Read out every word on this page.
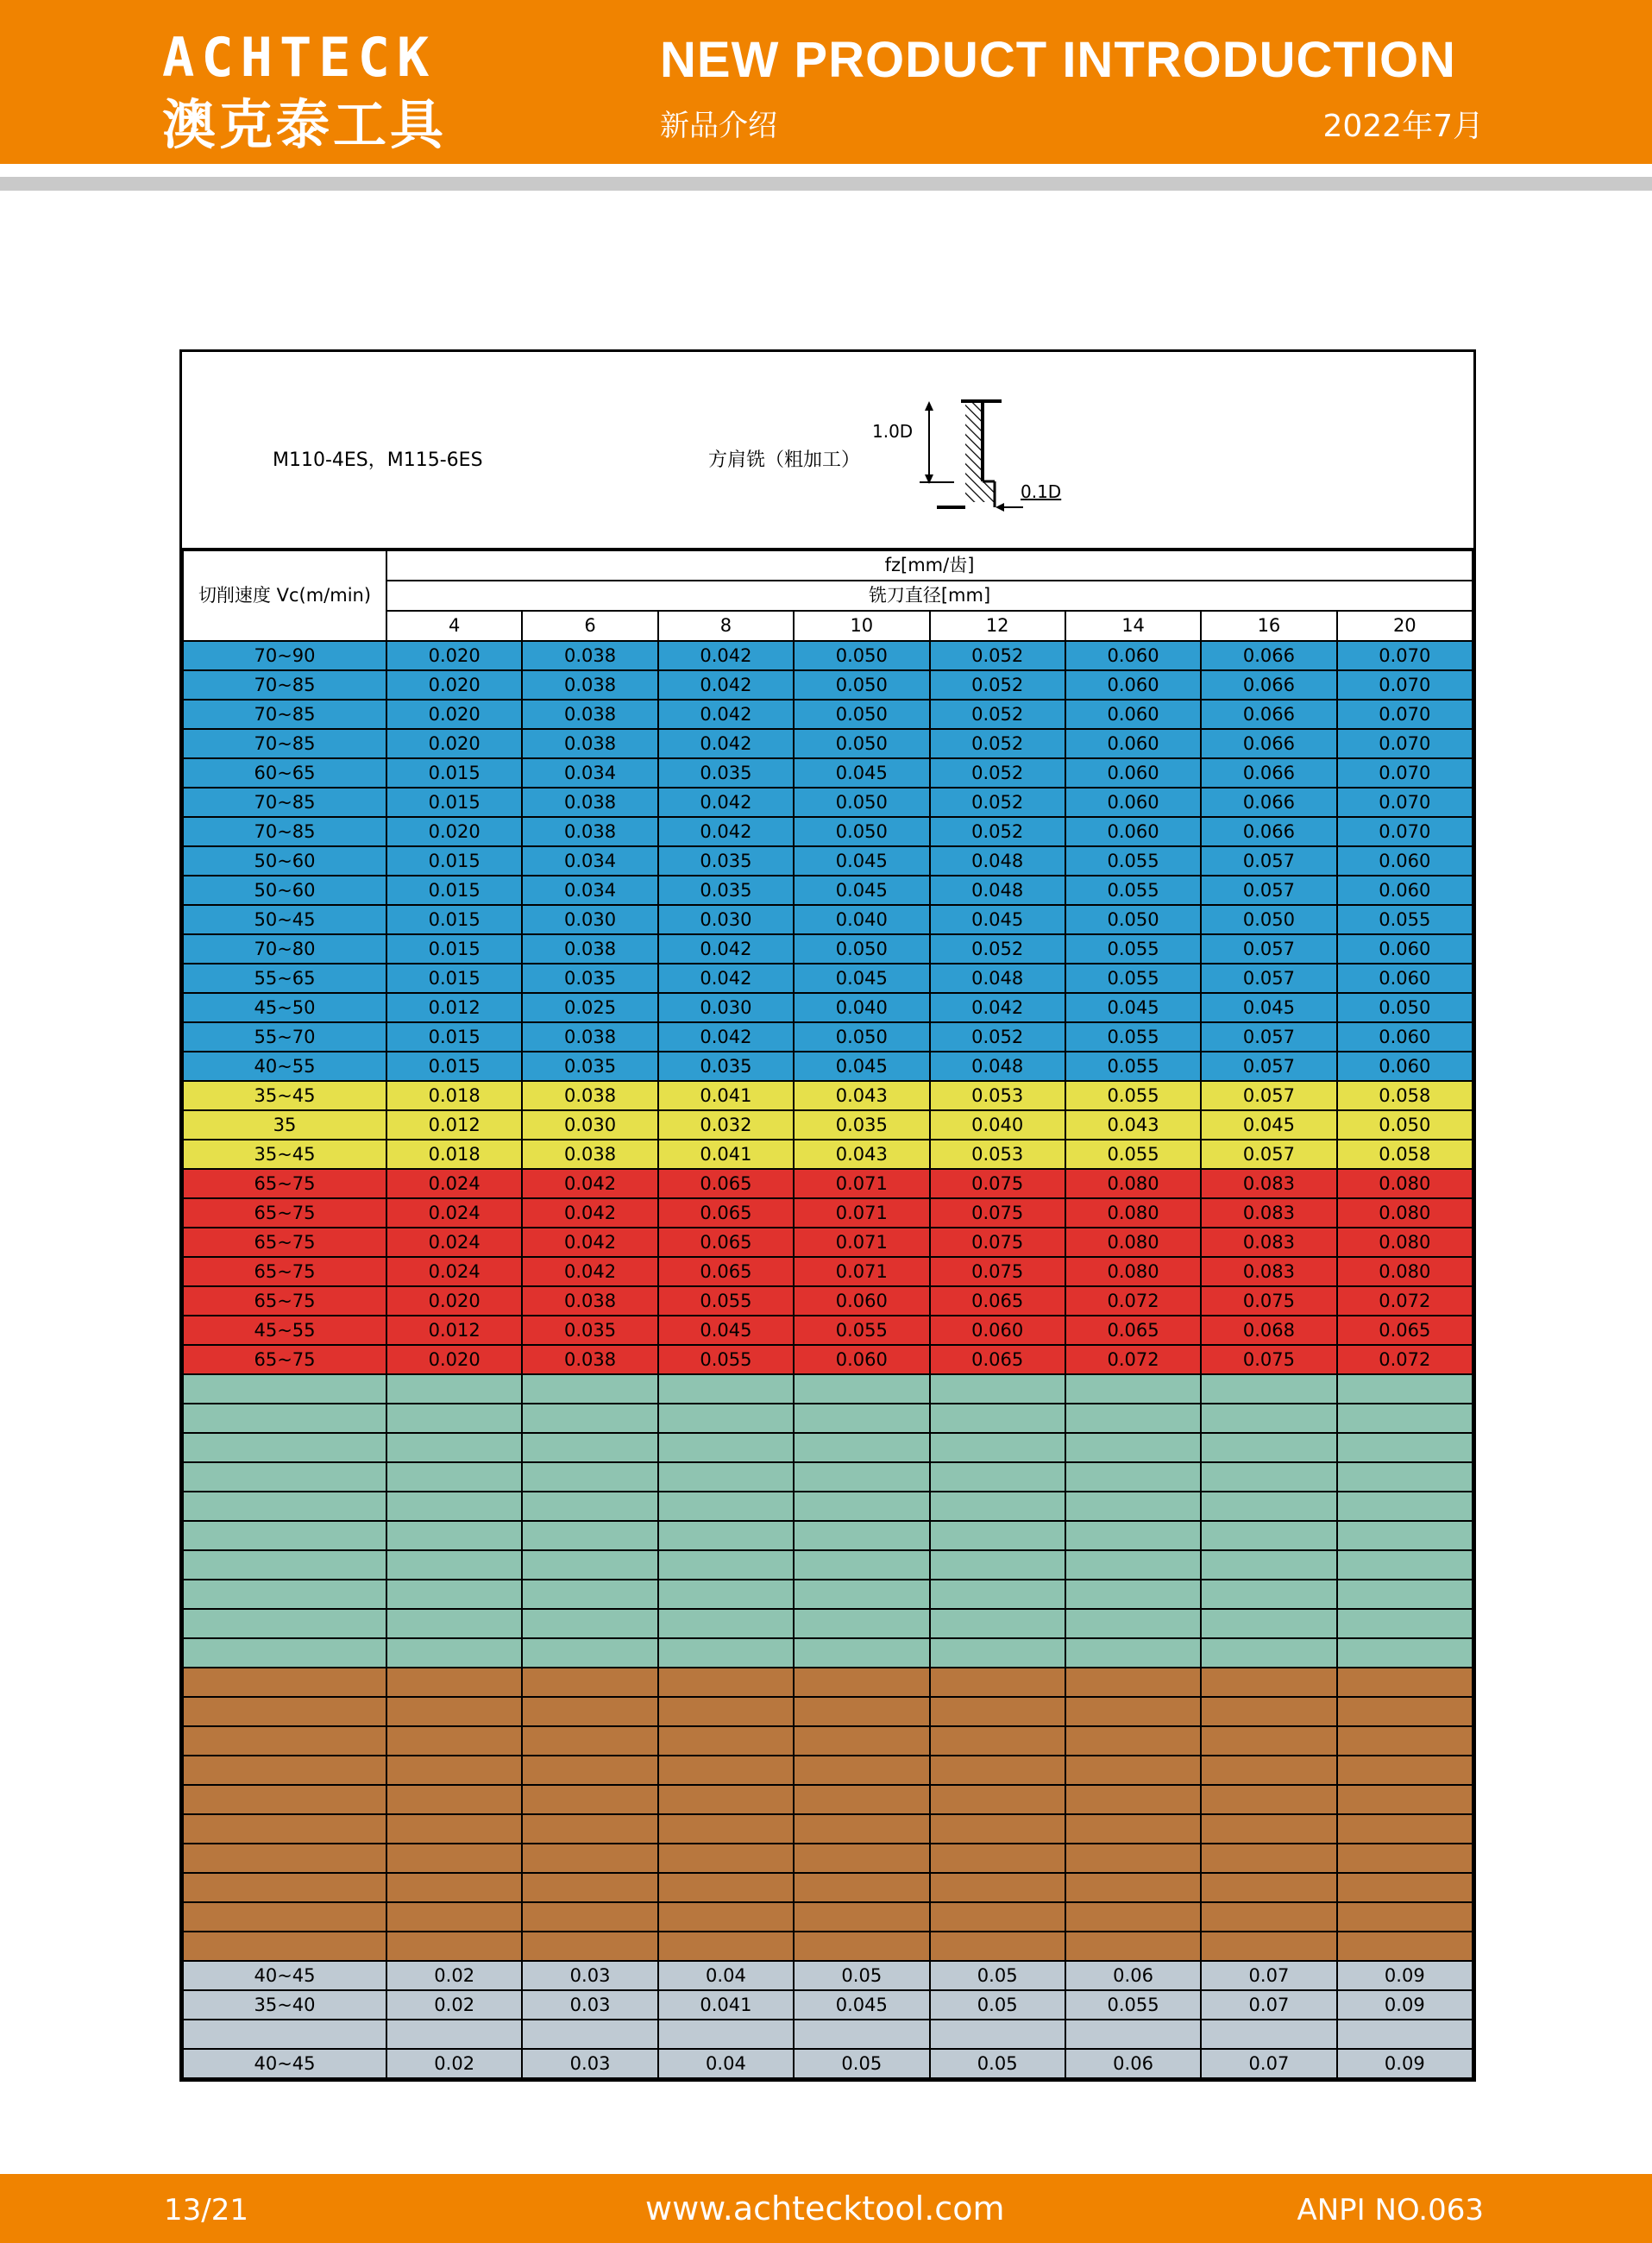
ACHTECK
澳克泰工具
NEW PRODUCT INTRODUCTION
新品介绍	2022年7月
M110-4ES，M115-6ES	方肩铣（粗加工）
1.0D
0.1D
切削速度 Vc(m/min)	fz[mm/齿]							
	铣刀直径[mm]							
	4	6	8	10	12	14	16	20
70~90	0.020	0.038	0.042	0.050	0.052	0.060	0.066	0.070
70~85	0.020	0.038	0.042	0.050	0.052	0.060	0.066	0.070
70~85	0.020	0.038	0.042	0.050	0.052	0.060	0.066	0.070
70~85	0.020	0.038	0.042	0.050	0.052	0.060	0.066	0.070
60~65	0.015	0.034	0.035	0.045	0.052	0.060	0.066	0.070
70~85	0.015	0.038	0.042	0.050	0.052	0.060	0.066	0.070
70~85	0.020	0.038	0.042	0.050	0.052	0.060	0.066	0.070
50~60	0.015	0.034	0.035	0.045	0.048	0.055	0.057	0.060
50~60	0.015	0.034	0.035	0.045	0.048	0.055	0.057	0.060
50~45	0.015	0.030	0.030	0.040	0.045	0.050	0.050	0.055
70~80	0.015	0.038	0.042	0.050	0.052	0.055	0.057	0.060
55~65	0.015	0.035	0.042	0.045	0.048	0.055	0.057	0.060
45~50	0.012	0.025	0.030	0.040	0.042	0.045	0.045	0.050
55~70	0.015	0.038	0.042	0.050	0.052	0.055	0.057	0.060
40~55	0.015	0.035	0.035	0.045	0.048	0.055	0.057	0.060
35~45	0.018	0.038	0.041	0.043	0.053	0.055	0.057	0.058
35	0.012	0.030	0.032	0.035	0.040	0.043	0.045	0.050
35~45	0.018	0.038	0.041	0.043	0.053	0.055	0.057	0.058
65~75	0.024	0.042	0.065	0.071	0.075	0.080	0.083	0.080
65~75	0.024	0.042	0.065	0.071	0.075	0.080	0.083	0.080
65~75	0.024	0.042	0.065	0.071	0.075	0.080	0.083	0.080
65~75	0.024	0.042	0.065	0.071	0.075	0.080	0.083	0.080
65~75	0.020	0.038	0.055	0.060	0.065	0.072	0.075	0.072
45~55	0.012	0.035	0.045	0.055	0.060	0.065	0.068	0.065
65~75	0.020	0.038	0.055	0.060	0.065	0.072	0.075	0.072

40~45	0.02	0.03	0.04	0.05	0.05	0.06	0.07	0.09
35~40	0.02	0.03	0.041	0.045	0.05	0.055	0.07	0.09

40~45	0.02	0.03	0.04	0.05	0.05	0.06	0.07	0.09
13/21	www.achtecktool.com	ANPI NO.063
